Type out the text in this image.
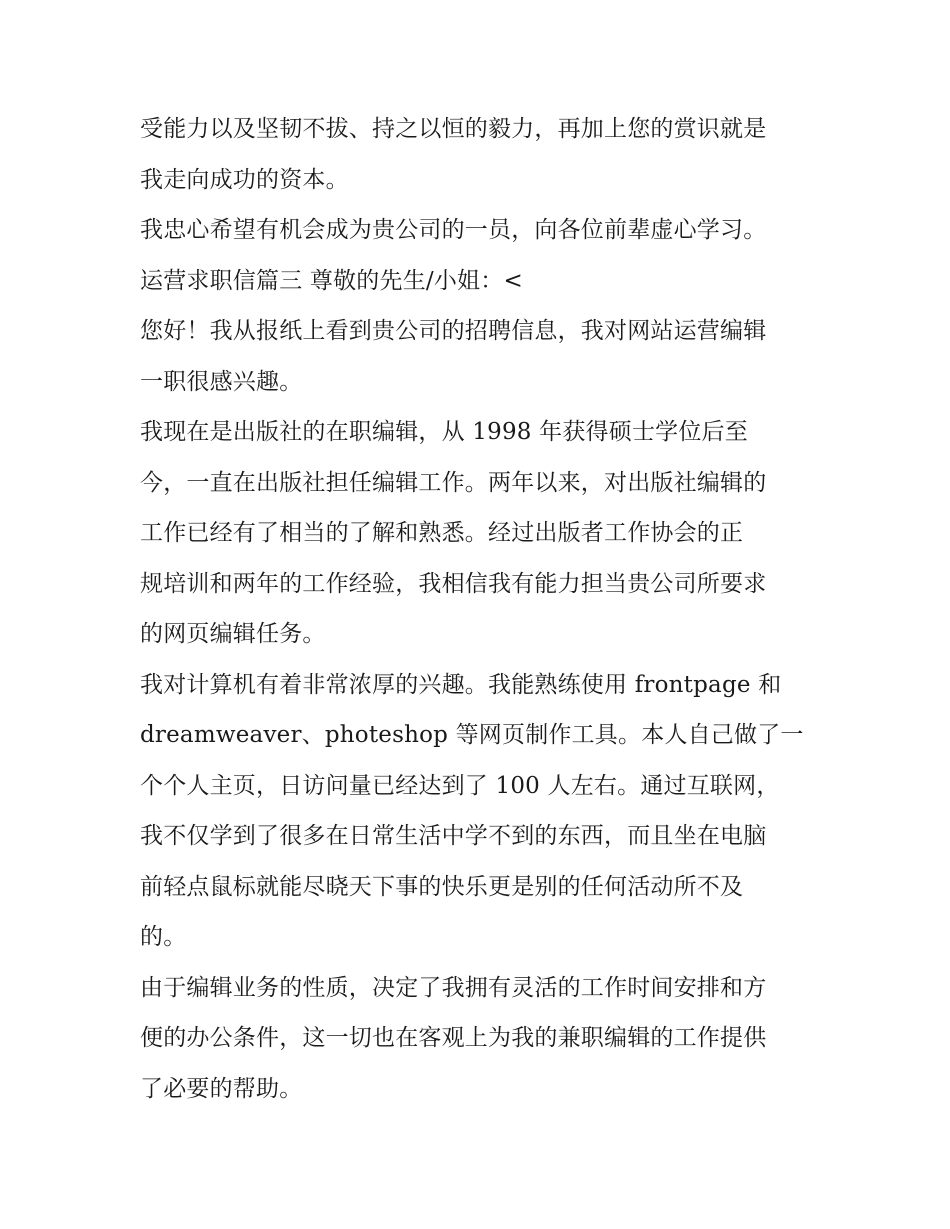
受能力以及坚韧不拔、持之以恒的毅力，再加上您的赏识就是
我走向成功的资本。
我忠心希望有机会成为贵公司的一员，向各位前辈虚心学习。
运营求职信篇三 尊敬的先生/小姐：<
您好！我从报纸上看到贵公司的招聘信息，我对网站运营编辑
一职很感兴趣。
我现在是出版社的在职编辑，从 1998 年获得硕士学位后至
今，一直在出版社担任编辑工作。两年以来，对出版社编辑的
工作已经有了相当的了解和熟悉。经过出版者工作协会的正
规培训和两年的工作经验，我相信我有能力担当贵公司所要求
的网页编辑任务。
我对计算机有着非常浓厚的兴趣。我能熟练使用 frontpage 和
dreamweaver、photeshop 等网页制作工具。本人自己做了一
个个人主页，日访问量已经达到了 100 人左右。通过互联网，
我不仅学到了很多在日常生活中学不到的东西，而且坐在电脑
前轻点鼠标就能尽晓天下事的快乐更是别的任何活动所不及
的。
由于编辑业务的性质，决定了我拥有灵活的工作时间安排和方
便的办公条件，这一切也在客观上为我的兼职编辑的工作提供
了必要的帮助。
